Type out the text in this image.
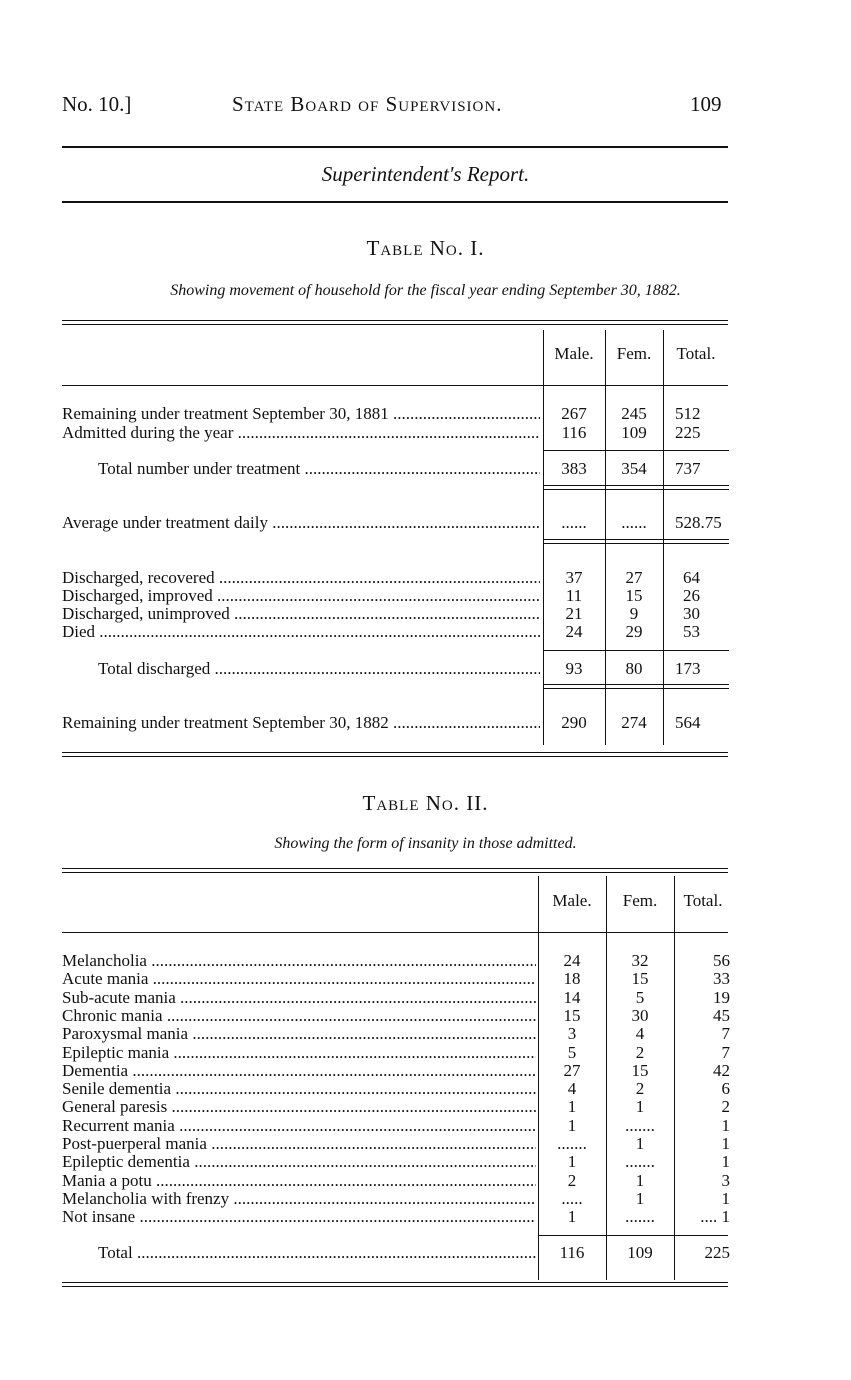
No. 10.]	State Board of Supervision.	109
Superintendent's Report.
Table No. I.
Showing movement of household for the fiscal year ending September 30, 1882.
Male.	Fem.	Total.
Remaining under treatment September 30, 1881 .....	267	245	512
Admitted during the year .....	116	109	225
Total number under treatment .....	383	354	737
Average under treatment daily .....	......	......	528.75
Discharged, recovered .....	37	27	64
Discharged, improved .....	11	15	26
Discharged, unimproved .....	21	9	30
Died .....	24	29	53
Total discharged .....	93	80	173
Remaining under treatment September 30, 1882 .....	290	274	564
Table No. II.
Showing the form of insanity in those admitted.
Male.	Fem.	Total.
Melancholia .....	24	32	56
Acute mania .....	18	15	33
Sub-acute mania .....	14	5	19
Chronic mania .....	15	30	45
Paroxysmal mania .....	3	4	7
Epileptic mania .....	5	2	7
Dementia .....	27	15	42
Senile dementia .....	4	2	6
General paresis .....	1	1	2
Recurrent mania .....	1	.......	1
Post-puerperal mania .....	.......	1	1
Epileptic dementia .....	1	.......	1
Mania a potu .....	2	1	3
Melancholia with frenzy .....	.....	1	1
Not insane .....	1	.......	.... 1
Total .....	116	109	225
